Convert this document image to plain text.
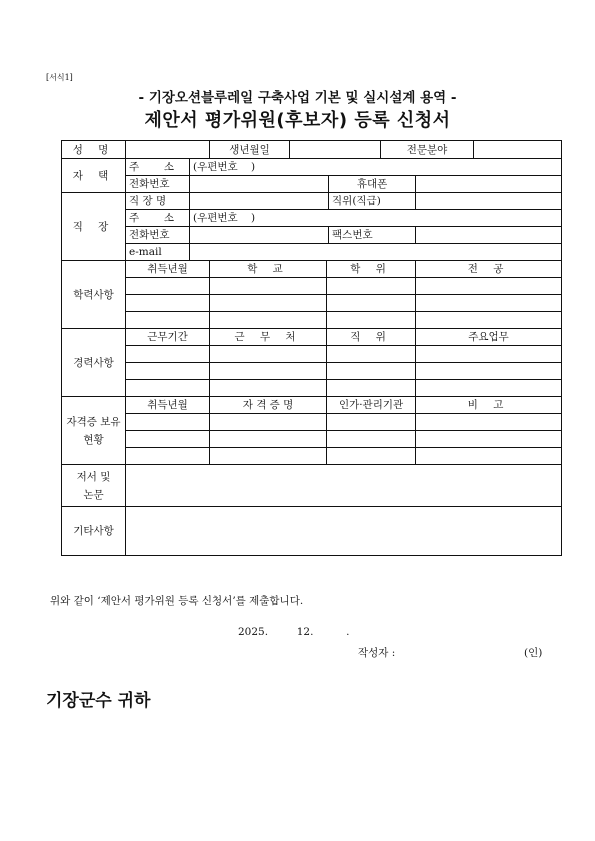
[서식1]
- 기장오션블루레일 구축사업 기본 및 실시설계 용역 -
제안서 평가위원(후보자) 등록 신청서
성 명			생년월일				전문분야		
자 택	주  소	(우편번호    )							
	전화번호					휴대폰			
직 장	직 장 명					직위(직급)			
	주  소	(우편번호    )							
	전화번호					팩스번호			
	e-mail								
학력사항	취득년월		학 교		학 위			전 공	

경력사항	근무기간		근 무 처		직 위			주요업무	

자격증 보유현황	취득년월		자 격 증 명		인가·관리기관			비 고	

저서 및 논문									
기타사항									
위와 같이 ‘제안서 평가위원 등록 신청서’를 제출합니다.
2025.	12.	.
작성자 :	(인)
기장군수 귀하
